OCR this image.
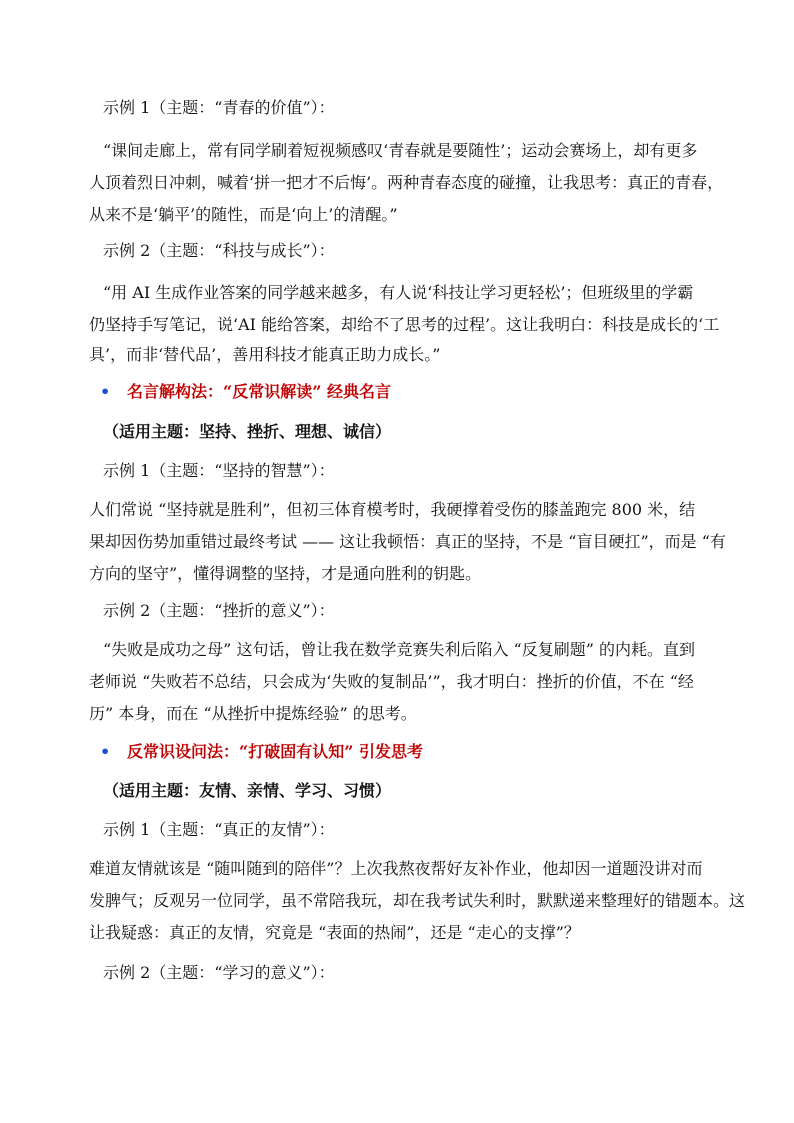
示例 1（主题：“青春的价值”）：
“课间走廊上，常有同学刷着短视频感叹‘青春就是要随性’；运动会赛场上，却有更多
人顶着烈日冲刺，喊着‘拼一把才不后悔’。两种青春态度的碰撞，让我思考：真正的青春，
从来不是‘躺平’的随性，而是‘向上’的清醒。”
示例 2（主题：“科技与成长”）：
“用 AI 生成作业答案的同学越来越多，有人说‘科技让学习更轻松’；但班级里的学霸
仍坚持手写笔记，说‘AI 能给答案，却给不了思考的过程’。这让我明白：科技是成长的‘工
具’，而非‘替代品’，善用科技才能真正助力成长。”
• 名言解构法：“反常识解读” 经典名言
（适用主题：坚持、挫折、理想、诚信）
示例 1（主题：“坚持的智慧”）：
人们常说 “坚持就是胜利”，但初三体育模考时，我硬撑着受伤的膝盖跑完 800 米，结
果却因伤势加重错过最终考试 —— 这让我顿悟：真正的坚持，不是 “盲目硬扛”，而是 “有
方向的坚守”，懂得调整的坚持，才是通向胜利的钥匙。
示例 2（主题：“挫折的意义”）：
“失败是成功之母” 这句话，曾让我在数学竞赛失利后陷入 “反复刷题” 的内耗。直到
老师说 “失败若不总结，只会成为‘失败的复制品’”，我才明白：挫折的价值，不在 “经
历” 本身，而在 “从挫折中提炼经验” 的思考。
• 反常识设问法：“打破固有认知” 引发思考
（适用主题：友情、亲情、学习、习惯）
示例 1（主题：“真正的友情”）：
难道友情就该是 “随叫随到的陪伴”？上次我熬夜帮好友补作业，他却因一道题没讲对而
发脾气；反观另一位同学，虽不常陪我玩，却在我考试失利时，默默递来整理好的错题本。这
让我疑惑：真正的友情，究竟是 “表面的热闹”，还是 “走心的支撑”？
示例 2（主题：“学习的意义”）：
